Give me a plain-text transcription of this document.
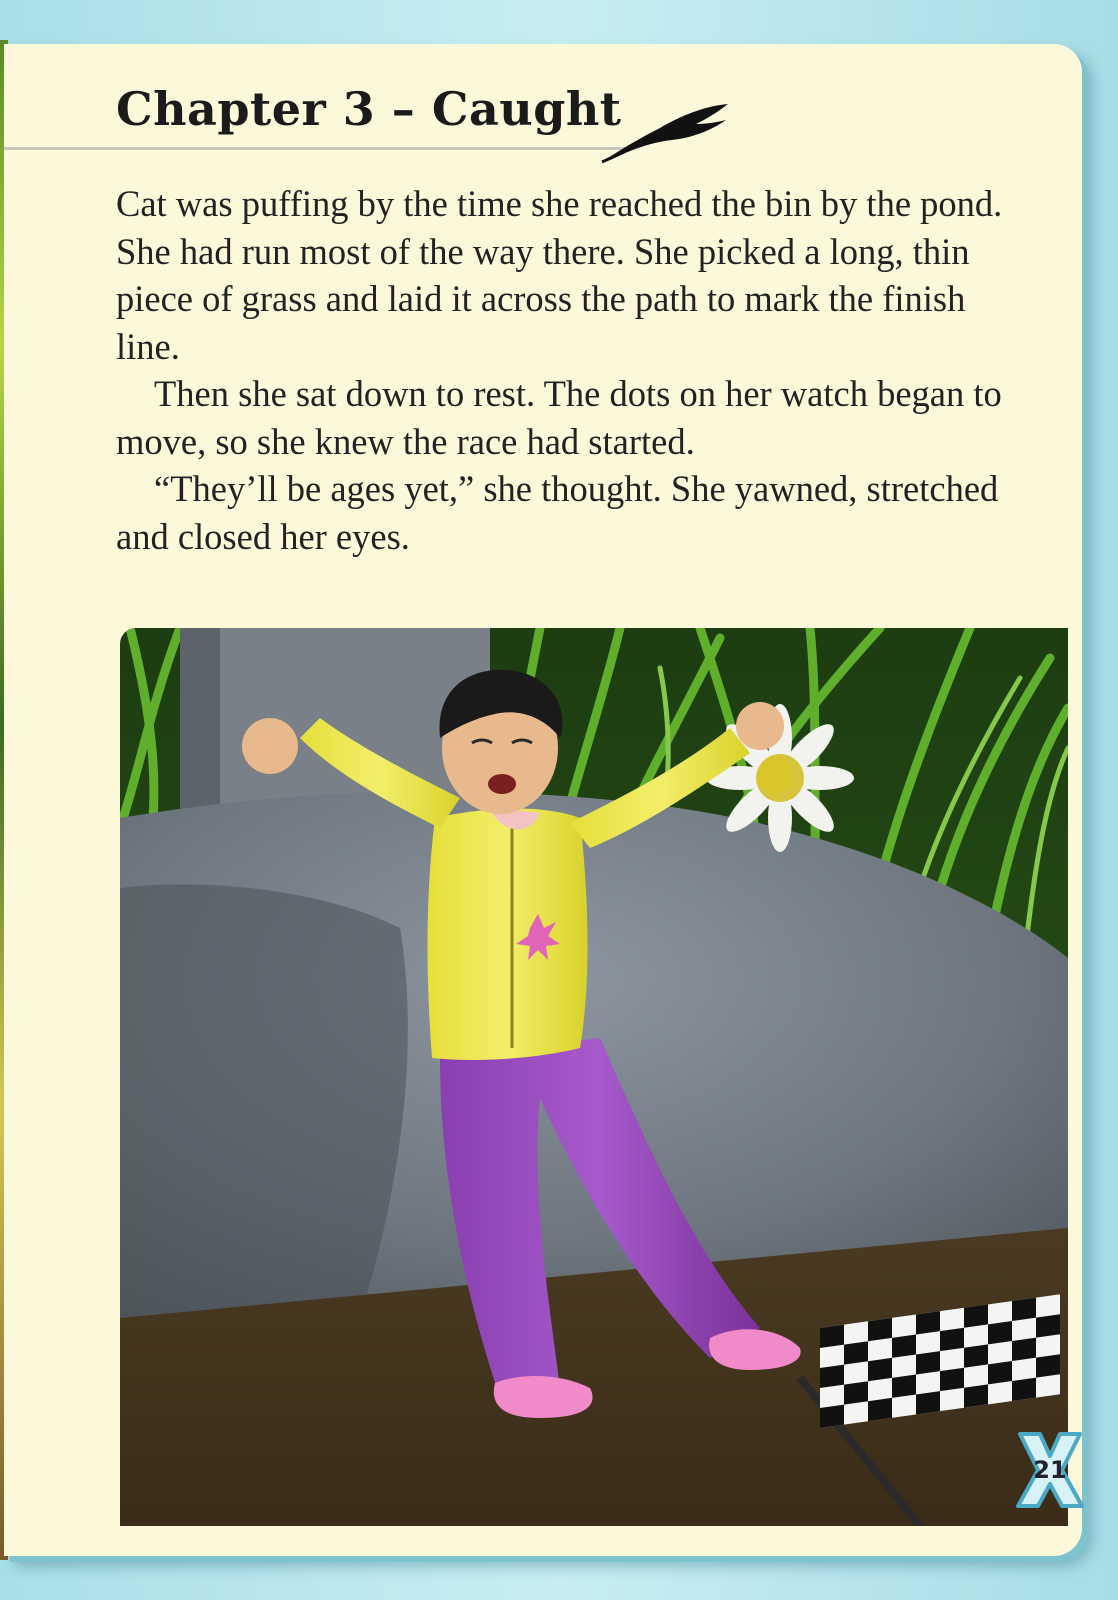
Chapter 3 – Caught

Cat was puffing by the time she reached the bin by the pond. She had run most of the way there. She picked a long, thin piece of grass and laid it across the path to mark the finish line.

Then she sat down to rest. The dots on her watch began to move, so she knew the race had started.

“They’ll be ages yet,” she thought. She yawned, stretched and closed her eyes.

21
